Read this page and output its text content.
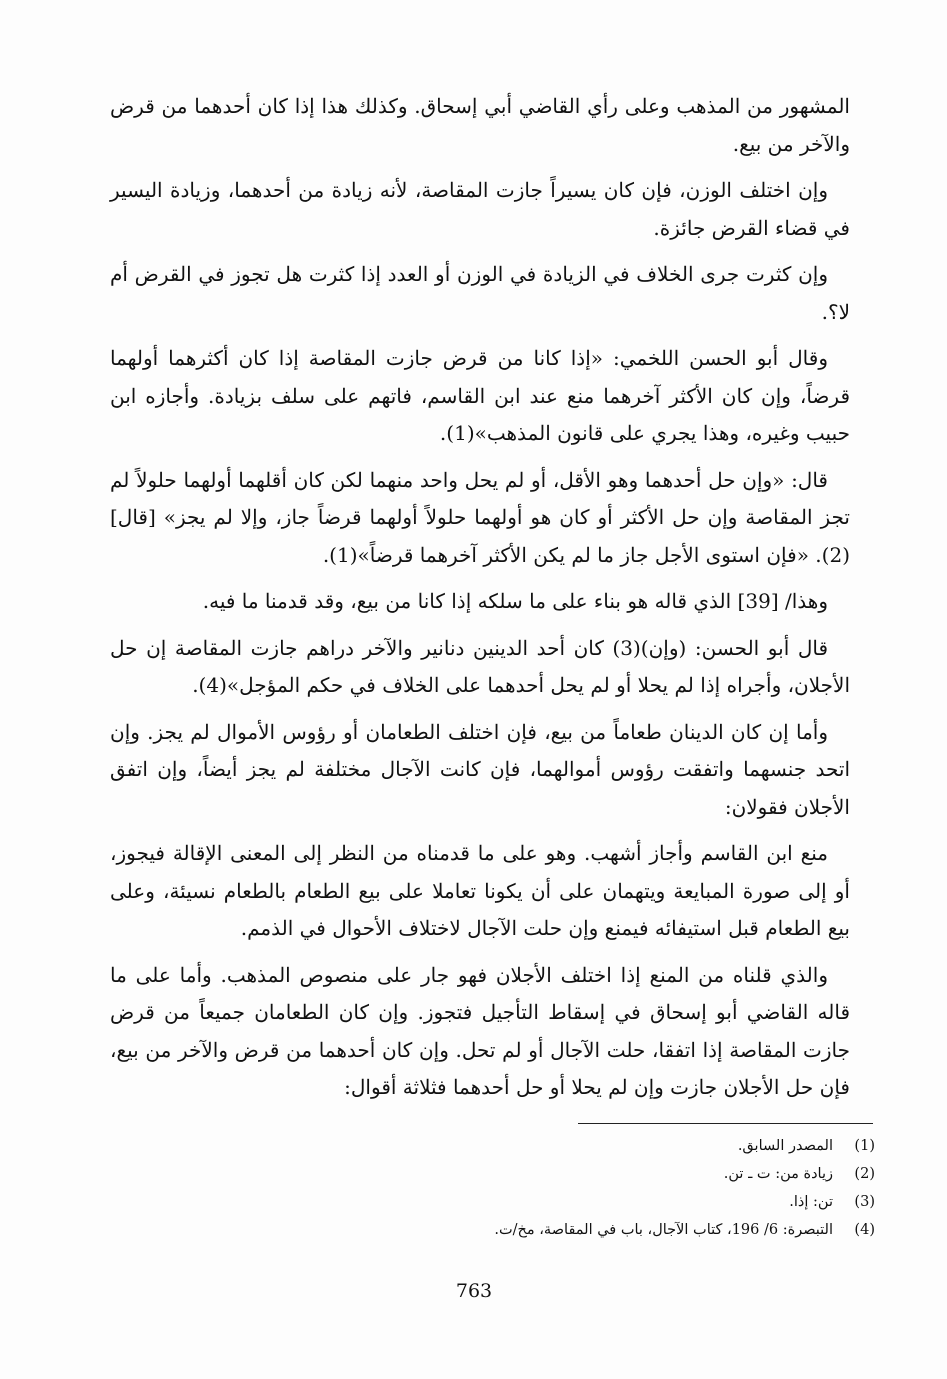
المشهور من المذهب وعلى رأي القاضي أبي إسحاق. وكذلك هذا إذا كان أحدهما من قرض والآخر من بيع.

وإن اختلف الوزن، فإن كان يسيراً جازت المقاصة، لأنه زيادة من أحدهما، وزيادة اليسير في قضاء القرض جائزة.

وإن كثرت جرى الخلاف في الزيادة في الوزن أو العدد إذا كثرت هل تجوز في القرض أم لا؟.

وقال أبو الحسن اللخمي: «إذا كانا من قرض جازت المقاصة إذا كان أكثرهما أولهما قرضاً، وإن كان الأكثر آخرهما منع عند ابن القاسم، فاتهم على سلف بزيادة. وأجازه ابن حبيب وغيره، وهذا يجري على قانون المذهب»(1).

قال: «وإن حل أحدهما وهو الأقل، أو لم يحل واحد منهما لكن كان أقلهما أولهما حلولاً لم تجز المقاصة وإن حل الأكثر أو كان هو أولهما حلولاً أولهما قرضاً جاز، وإلا لم يجز» [قال](2). «فإن استوى الأجل جاز ما لم يكن الأكثر آخرهما قرضاً»(1).

وهذا/ [39] الذي قاله هو بناء على ما سلكه إذا كانا من بيع، وقد قدمنا ما فيه.

قال أبو الحسن: (وإن)(3) كان أحد الدينين دنانير والآخر دراهم جازت المقاصة إن حل الأجلان، وأجراه إذا لم يحلا أو لم يحل أحدهما على الخلاف في حكم المؤجل»(4).

وأما إن كان الدينان طعاماً من بيع، فإن اختلف الطعامان أو رؤوس الأموال لم يجز. وإن اتحد جنسهما واتفقت رؤوس أموالهما، فإن كانت الآجال مختلفة لم يجز أيضاً، وإن اتفق الأجلان فقولان:

منع ابن القاسم وأجاز أشهب. وهو على ما قدمناه من النظر إلى المعنى الإقالة فيجوز، أو إلى صورة المبايعة ويتهمان على أن يكونا تعاملا على بيع الطعام بالطعام نسيئة، وعلى بيع الطعام قبل استيفائه فيمنع وإن حلت الآجال لاختلاف الأحوال في الذمم.

والذي قلناه من المنع إذا اختلف الأجلان فهو جار على منصوص المذهب. وأما على ما قاله القاضي أبو إسحاق في إسقاط التأجيل فتجوز. وإن كان الطعامان جميعاً من قرض جازت المقاصة إذا اتفقا، حلت الآجال أو لم تحل. وإن كان أحدهما من قرض والآخر من بيع، فإن حل الأجلان جازت وإن لم يحلا أو حل أحدهما فثلاثة أقوال:

(1)
المصدر السابق.
(2)
زيادة من: ت ـ تن.
(3)
تن: إذا.
(4)
التبصرة: 6/ 196، كتاب الآجال، باب في المقاصة، مخ/ت.
763
